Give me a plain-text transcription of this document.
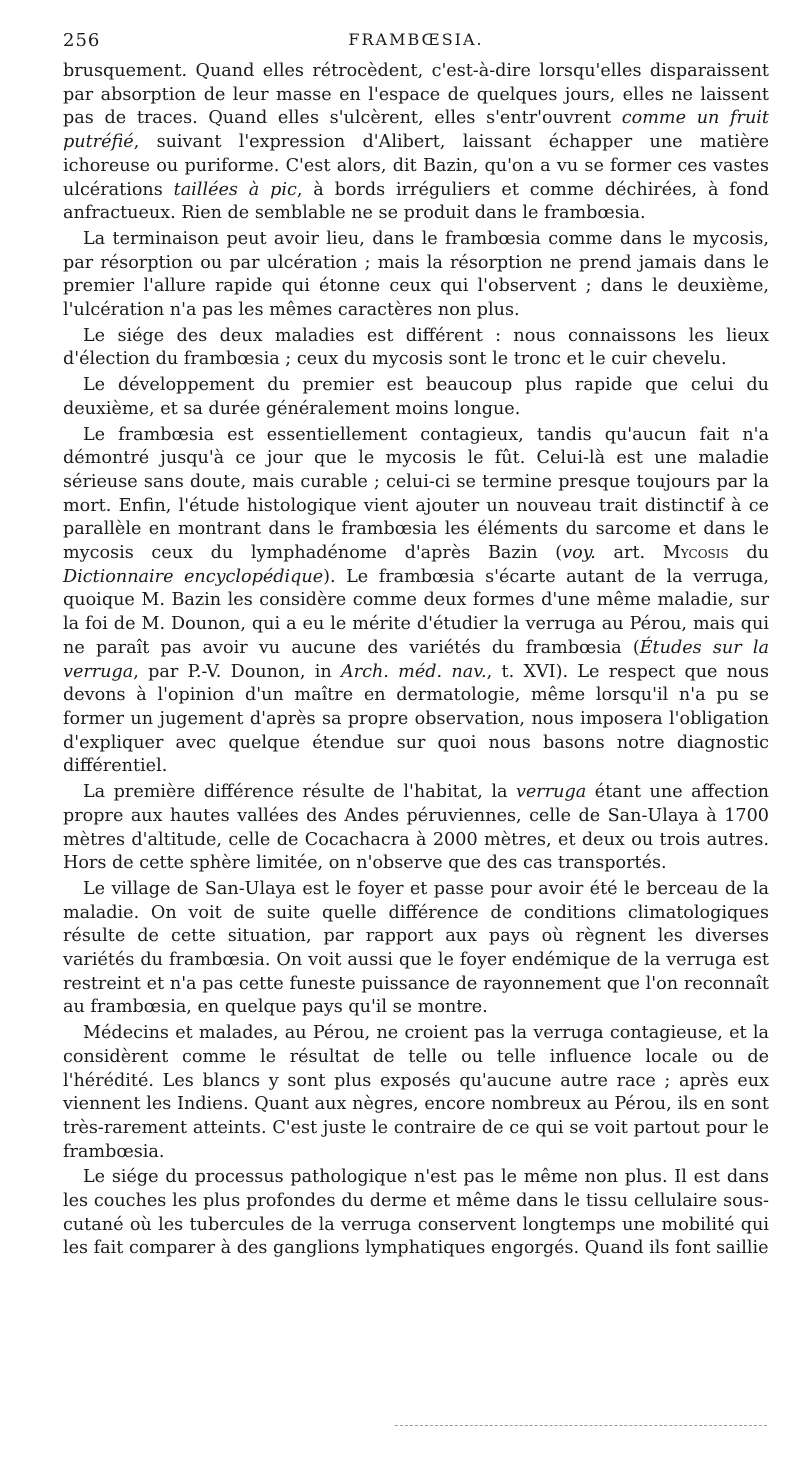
256	FRAMBŒSIA.

brusquement. Quand elles rétrocèdent, c'est-à-dire lorsqu'elles disparaissent par absorption de leur masse en l'espace de quelques jours, elles ne laissent pas de traces. Quand elles s'ulcèrent, elles s'entr'ouvrent comme un fruit putréfié, suivant l'expression d'Alibert, laissant échapper une matière ichoreuse ou puriforme. C'est alors, dit Bazin, qu'on a vu se former ces vastes ulcérations taillées à pic, à bords irréguliers et comme déchirées, à fond anfractueux. Rien de semblable ne se produit dans le frambœsia.

La terminaison peut avoir lieu, dans le frambœsia comme dans le mycosis, par résorption ou par ulcération ; mais la résorption ne prend jamais dans le premier l'allure rapide qui étonne ceux qui l'observent ; dans le deuxième, l'ulcération n'a pas les mêmes caractères non plus.

Le siége des deux maladies est différent : nous connaissons les lieux d'élection du frambœsia ; ceux du mycosis sont le tronc et le cuir chevelu.

Le développement du premier est beaucoup plus rapide que celui du deuxième, et sa durée généralement moins longue.

Le frambœsia est essentiellement contagieux, tandis qu'aucun fait n'a démontré jusqu'à ce jour que le mycosis le fût. Celui-là est une maladie sérieuse sans doute, mais curable ; celui-ci se termine presque toujours par la mort. Enfin, l'étude histologique vient ajouter un nouveau trait distinctif à ce parallèle en montrant dans le frambœsia les éléments du sarcome et dans le mycosis ceux du lymphadénome d'après Bazin (voy. art. Mycosis du Dictionnaire encyclopédique). Le frambœsia s'écarte autant de la verruga, quoique M. Bazin les considère comme deux formes d'une même maladie, sur la foi de M. Dounon, qui a eu le mérite d'étudier la verruga au Pérou, mais qui ne paraît pas avoir vu aucune des variétés du frambœsia (Études sur la verruga, par P.-V. Dounon, in Arch. méd. nav., t. XVI). Le respect que nous devons à l'opinion d'un maître en dermatologie, même lorsqu'il n'a pu se former un jugement d'après sa propre observation, nous imposera l'obligation d'expliquer avec quelque étendue sur quoi nous basons notre diagnostic différentiel.

La première différence résulte de l'habitat, la verruga étant une affection propre aux hautes vallées des Andes péruviennes, celle de San-Ulaya à 1700 mètres d'altitude, celle de Cocachacra à 2000 mètres, et deux ou trois autres. Hors de cette sphère limitée, on n'observe que des cas transportés.

Le village de San-Ulaya est le foyer et passe pour avoir été le berceau de la maladie. On voit de suite quelle différence de conditions climatologiques résulte de cette situation, par rapport aux pays où règnent les diverses variétés du frambœsia. On voit aussi que le foyer endémique de la verruga est restreint et n'a pas cette funeste puissance de rayonnement que l'on reconnaît au frambœsia, en quelque pays qu'il se montre.

Médecins et malades, au Pérou, ne croient pas la verruga contagieuse, et la considèrent comme le résultat de telle ou telle influence locale ou de l'hérédité. Les blancs y sont plus exposés qu'aucune autre race ; après eux viennent les Indiens. Quant aux nègres, encore nombreux au Pérou, ils en sont très-rarement atteints. C'est juste le contraire de ce qui se voit partout pour le frambœsia.

Le siége du processus pathologique n'est pas le même non plus. Il est dans les couches les plus profondes du derme et même dans le tissu cellulaire sous-cutané où les tubercules de la verruga conservent longtemps une mobilité qui les fait comparer à des ganglions lymphatiques engorgés. Quand ils font saillie
